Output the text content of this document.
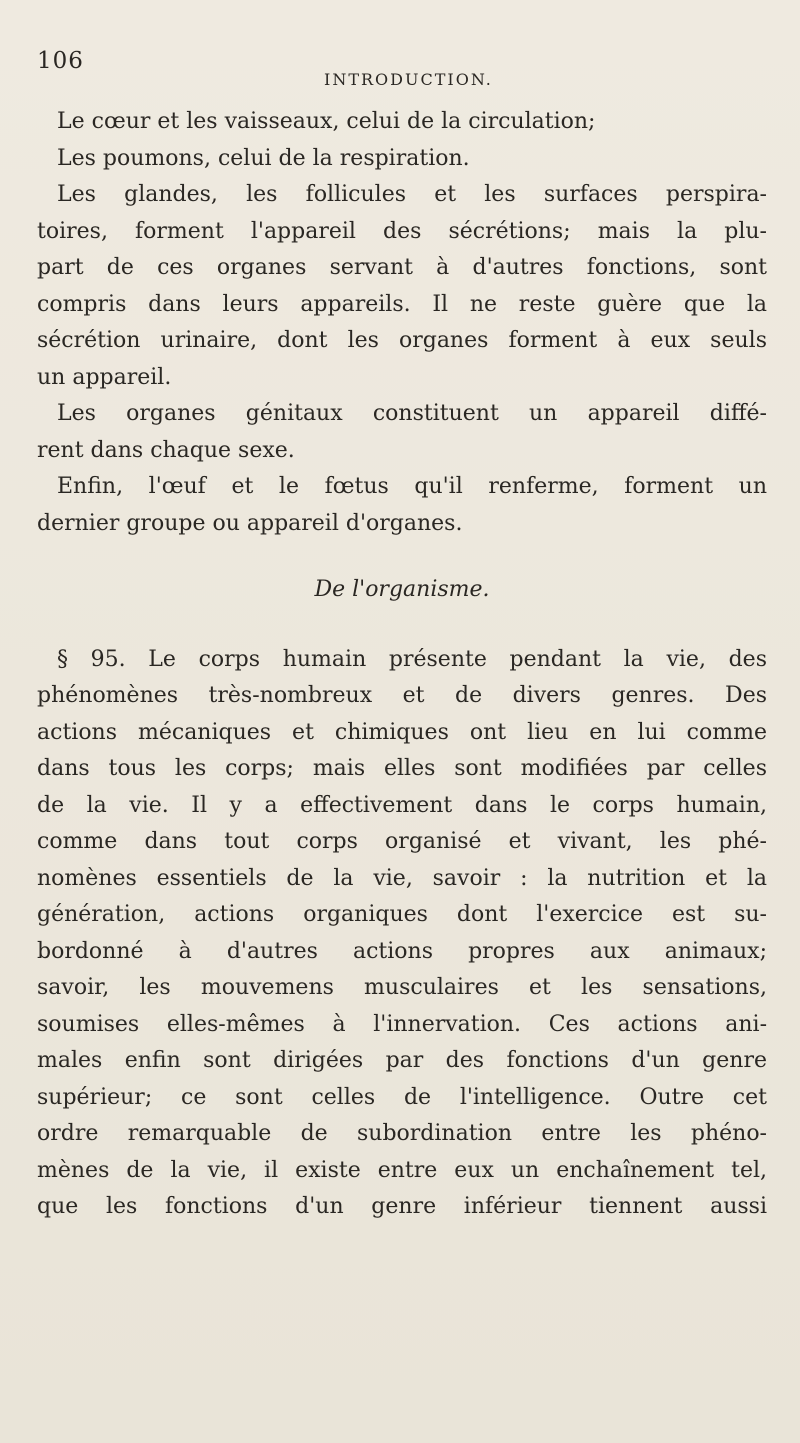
106
INTRODUCTION.
Le cœur et les vaisseaux, celui de la circulation;
Les poumons, celui de la respiration.
Les glandes, les follicules et les surfaces perspira-
toires, forment l'appareil des sécrétions; mais la plu-
part de ces organes servant à d'autres fonctions, sont
compris dans leurs appareils. Il ne reste guère que la
sécrétion urinaire, dont les organes forment à eux seuls
un appareil.
Les organes génitaux constituent un appareil diffé-
rent dans chaque sexe.
Enfin, l'œuf et le fœtus qu'il renferme, forment un
dernier groupe ou appareil d'organes.
De l'organisme.
§ 95. Le corps humain présente pendant la vie, des
phénomènes très-nombreux et de divers genres. Des
actions mécaniques et chimiques ont lieu en lui comme
dans tous les corps; mais elles sont modifiées par celles
de la vie. Il y a effectivement dans le corps humain,
comme dans tout corps organisé et vivant, les phé-
nomènes essentiels de la vie, savoir : la nutrition et la
génération, actions organiques dont l'exercice est su-
bordonné à d'autres actions propres aux animaux;
savoir, les mouvemens musculaires et les sensations,
soumises elles-mêmes à l'innervation. Ces actions ani-
males enfin sont dirigées par des fonctions d'un genre
supérieur; ce sont celles de l'intelligence. Outre cet
ordre remarquable de subordination entre les phéno-
mènes de la vie, il existe entre eux un enchaînement tel,
que les fonctions d'un genre inférieur tiennent aussi
